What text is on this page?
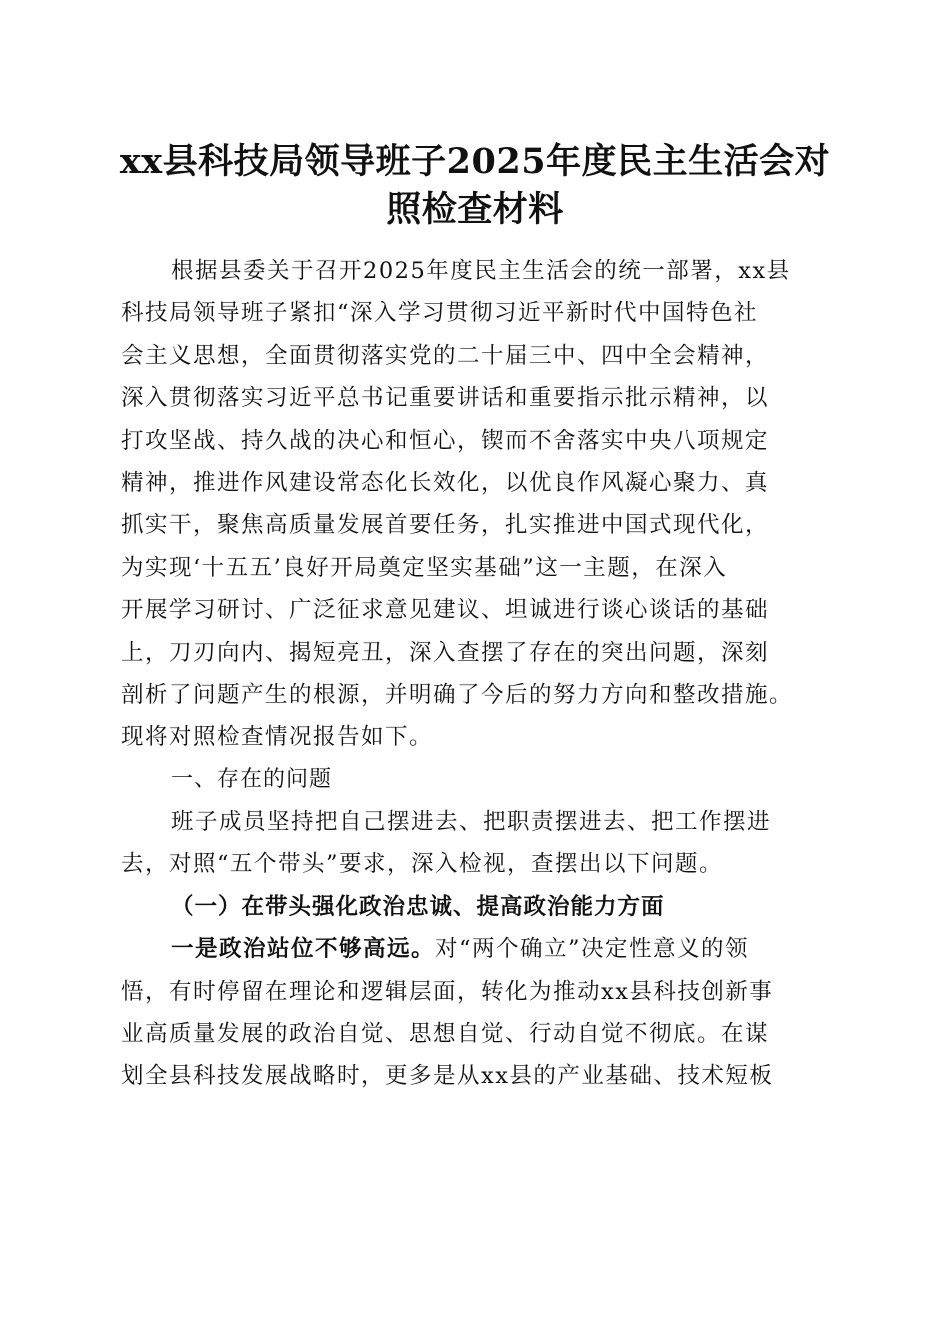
xx县科技局领导班子2025年度民主生活会对
照检查材料
根据县委关于召开2025年度民主生活会的统一部署，xx县
科技局领导班子紧扣“深入学习贯彻习近平新时代中国特色社
会主义思想，全面贯彻落实党的二十届三中、四中全会精神，
深入贯彻落实习近平总书记重要讲话和重要指示批示精神，以
打攻坚战、持久战的决心和恒心，锲而不舍落实中央八项规定
精神，推进作风建设常态化长效化，以优良作风凝心聚力、真
抓实干，聚焦高质量发展首要任务，扎实推进中国式现代化，
为实现‘十五五’良好开局奠定坚实基础”这一主题，在深入
开展学习研讨、广泛征求意见建议、坦诚进行谈心谈话的基础
上，刀刃向内、揭短亮丑，深入查摆了存在的突出问题，深刻
剖析了问题产生的根源，并明确了今后的努力方向和整改措施。
现将对照检查情况报告如下。
一、存在的问题
班子成员坚持把自己摆进去、把职责摆进去、把工作摆进
去，对照“五个带头”要求，深入检视，查摆出以下问题。
（一）在带头强化政治忠诚、提高政治能力方面
一是政治站位不够高远。对“两个确立”决定性意义的领
悟，有时停留在理论和逻辑层面，转化为推动xx县科技创新事
业高质量发展的政治自觉、思想自觉、行动自觉不彻底。在谋
划全县科技发展战略时，更多是从xx县的产业基础、技术短板
